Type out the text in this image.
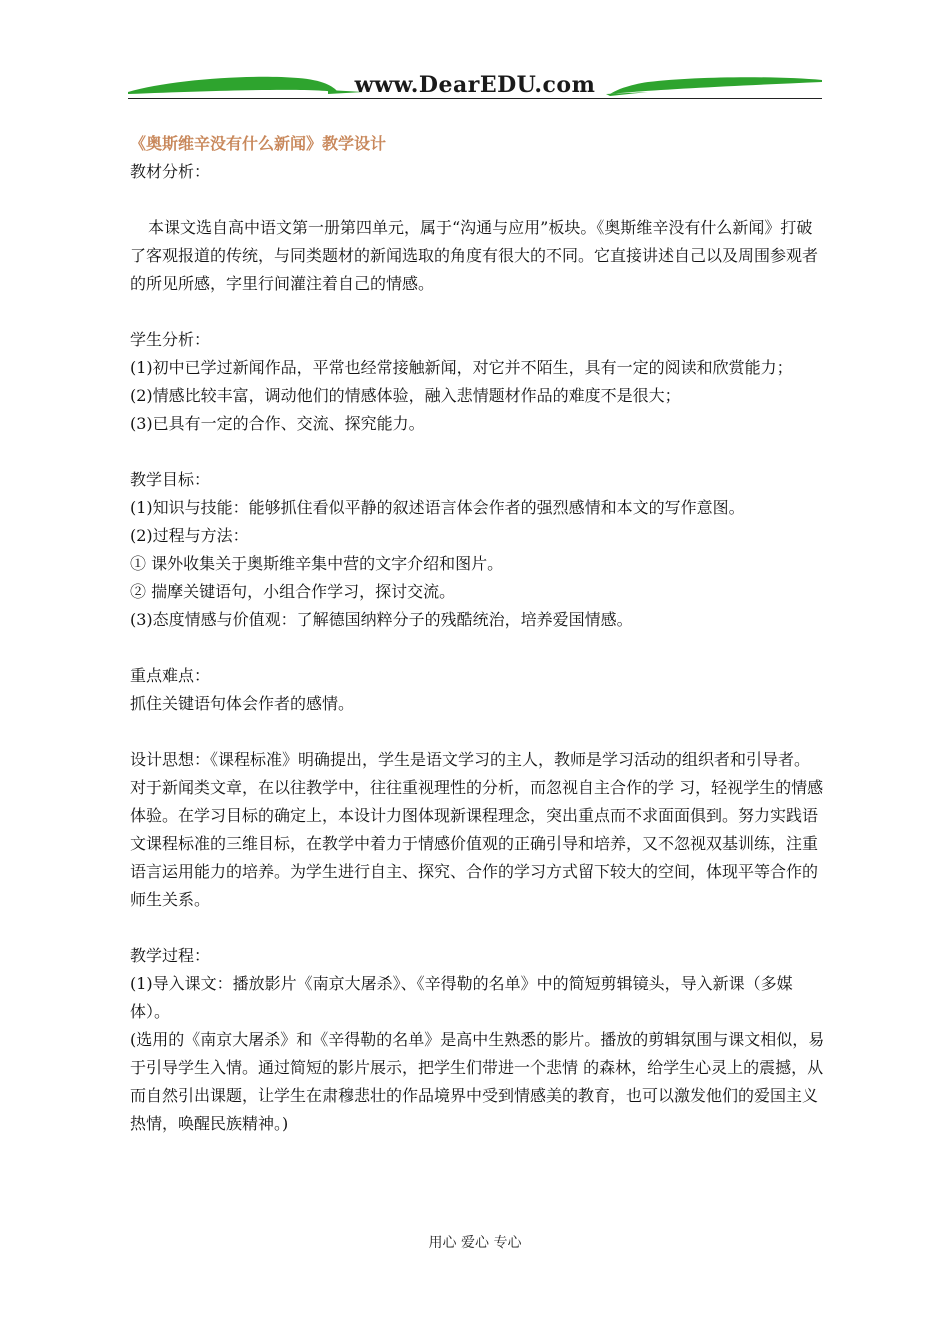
www.DearEDU.com

《奥斯维辛没有什么新闻》教学设计

教材分析：

本课文选自高中语文第一册第四单元，属于“沟通与应用”板块。《奥斯维辛没有什么新闻》打破了客观报道的传统，与同类题材的新闻选取的角度有很大的不同。它直接讲述自己以及周围参观者的所见所感，字里行间灌注着自己的情感。

学生分析：

(1)初中已学过新闻作品，平常也经常接触新闻，对它并不陌生，具有一定的阅读和欣赏能力；

(2)情感比较丰富，调动他们的情感体验，融入悲情题材作品的难度不是很大；

(3)已具有一定的合作、交流、探究能力。

教学目标：

(1)知识与技能：能够抓住看似平静的叙述语言体会作者的强烈感情和本文的写作意图。

(2)过程与方法：

① 课外收集关于奥斯维辛集中营的文字介绍和图片。

② 揣摩关键语句，小组合作学习，探讨交流。

(3)态度情感与价值观：了解德国纳粹分子的残酷统治，培养爱国情感。

重点难点：

抓住关键语句体会作者的感情。

设计思想：《课程标准》明确提出，学生是语文学习的主人，教师是学习活动的组织者和引导者。对于新闻类文章，在以往教学中，往往重视理性的分析，而忽视自主合作的学 习，轻视学生的情感体验。在学习目标的确定上，本设计力图体现新课程理念，突出重点而不求面面俱到。努力实践语文课程标准的三维目标，在教学中着力于情感价值观的正确引导和培养，又不忽视双基训练，注重语言运用能力的培养。为学生进行自主、探究、合作的学习方式留下较大的空间，体现平等合作的师生关系。

教学过程：

(1)导入课文：播放影片《南京大屠杀》、《辛得勒的名单》中的简短剪辑镜头，导入新课（多媒体）。

(选用的《南京大屠杀》和《辛得勒的名单》是高中生熟悉的影片。播放的剪辑氛围与课文相似，易于引导学生入情。通过简短的影片展示，把学生们带进一个悲情 的森林，给学生心灵上的震撼，从而自然引出课题，让学生在肃穆悲壮的作品境界中受到情感美的教育，也可以激发他们的爱国主义热情，唤醒民族精神。)

用心 爱心 专心
